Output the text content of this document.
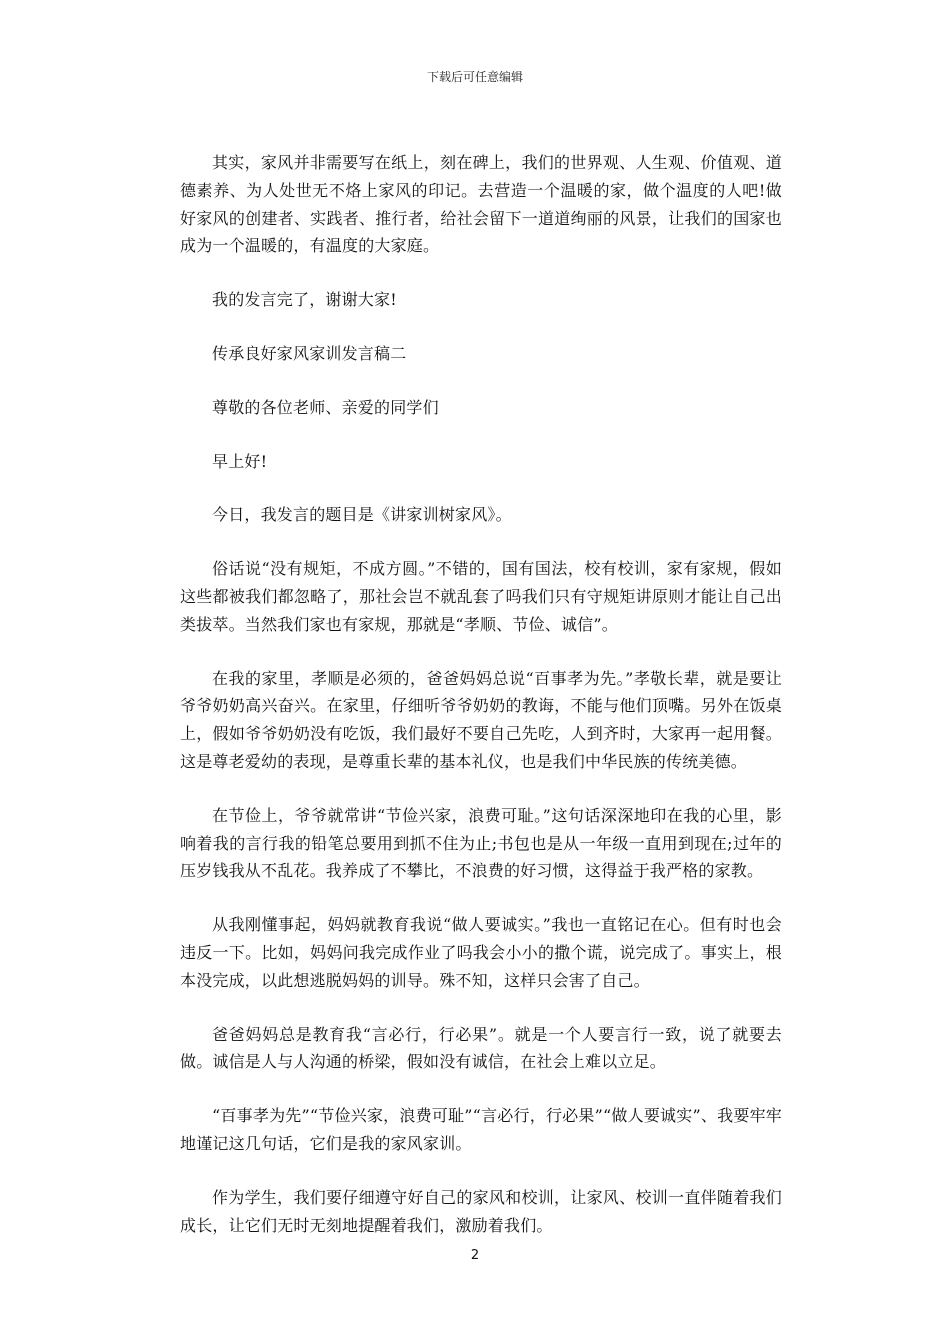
下载后可任意编辑

其实，家风并非需要写在纸上，刻在碑上，我们的世界观、人生观、价值观、道德素养、为人处世无不烙上家风的印记。去营造一个温暖的家，做个温度的人吧!做好家风的创建者、实践者、推行者，给社会留下一道道绚丽的风景，让我们的国家也成为一个温暖的，有温度的大家庭。

我的发言完了，谢谢大家!

传承良好家风家训发言稿二

尊敬的各位老师、亲爱的同学们

早上好!

今日，我发言的题目是《讲家训树家风》。

俗话说“没有规矩，不成方圆。”不错的，国有国法，校有校训，家有家规，假如这些都被我们都忽略了，那社会岂不就乱套了吗我们只有守规矩讲原则才能让自己出类拔萃。当然我们家也有家规，那就是“孝顺、节俭、诚信”。

在我的家里，孝顺是必须的，爸爸妈妈总说“百事孝为先。”孝敬长辈，就是要让爷爷奶奶高兴奋兴。在家里，仔细听爷爷奶奶的教诲，不能与他们顶嘴。另外在饭桌上，假如爷爷奶奶没有吃饭，我们最好不要自己先吃，人到齐时，大家再一起用餐。这是尊老爱幼的表现，是尊重长辈的基本礼仪，也是我们中华民族的传统美德。

在节俭上，爷爷就常讲“节俭兴家，浪费可耻。”这句话深深地印在我的心里，影响着我的言行我的铅笔总要用到抓不住为止;书包也是从一年级一直用到现在;过年的压岁钱我从不乱花。我养成了不攀比，不浪费的好习惯，这得益于我严格的家教。

从我刚懂事起，妈妈就教育我说“做人要诚实。”我也一直铭记在心。但有时也会违反一下。比如，妈妈问我完成作业了吗我会小小的撒个谎，说完成了。事实上，根本没完成，以此想逃脱妈妈的训导。殊不知，这样只会害了自己。

爸爸妈妈总是教育我“言必行，行必果”。就是一个人要言行一致，说了就要去做。诚信是人与人沟通的桥梁，假如没有诚信，在社会上难以立足。

“百事孝为先”“节俭兴家，浪费可耻”“言必行，行必果”“做人要诚实”、我要牢牢地谨记这几句话，它们是我的家风家训。

作为学生，我们要仔细遵守好自己的家风和校训，让家风、校训一直伴随着我们成长，让它们无时无刻地提醒着我们，激励着我们。

2
